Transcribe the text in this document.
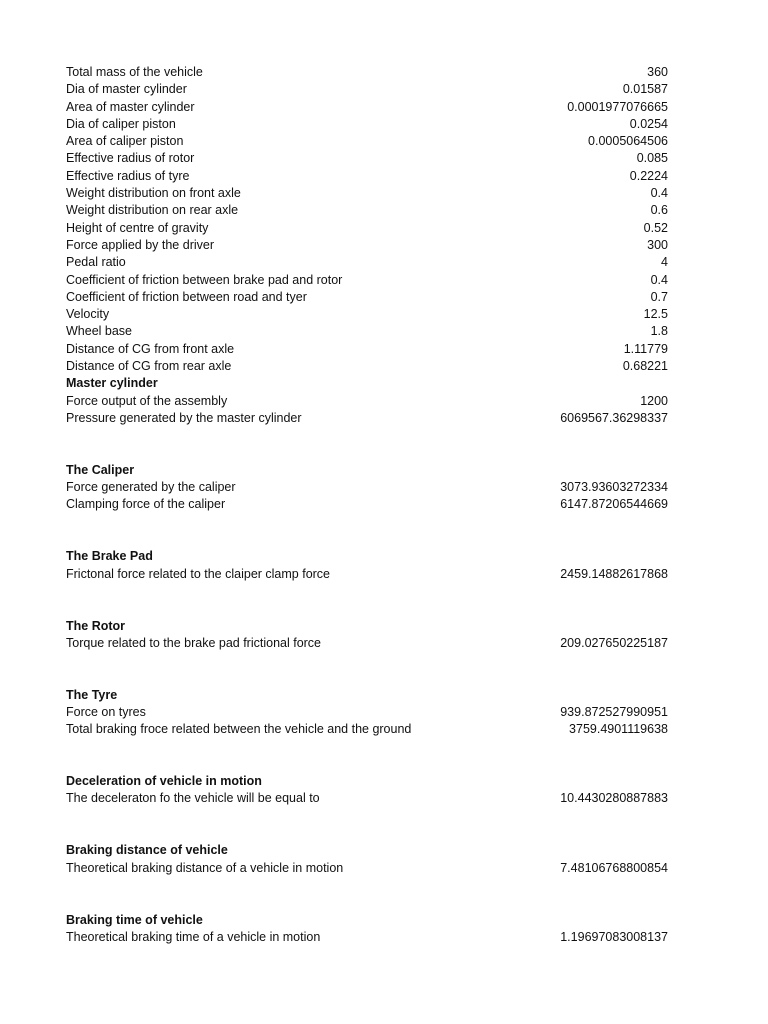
Total mass of the vehicle	360
Dia of master cylinder	0.01587
Area of master cylinder	0.0001977076665
Dia of caliper piston	0.0254
Area of caliper piston	0.0005064506
Effective radius of rotor	0.085
Effective radius of tyre	0.2224
Weight distribution on front axle	0.4
Weight distribution on rear axle	0.6
Height of centre of gravity	0.52
Force applied by the driver	300
Pedal ratio	4
Coefficient of friction between brake pad and rotor	0.4
Coefficient of friction between road and tyer	0.7
Velocity	12.5
Wheel base	1.8
Distance of CG from front axle	1.11779
Distance of CG from rear axle	0.68221
Master cylinder
Force output of the assembly	1200
Pressure generated by the master cylinder	6069567.36298337
The Caliper
Force generated by the caliper	3073.93603272334
Clamping force of the caliper	6147.87206544669
The Brake Pad
Frictonal force related to the claiper clamp force	2459.14882617868
The Rotor
Torque related to the brake pad frictional force	209.027650225187
The Tyre
Force on tyres	939.872527990951
Total braking froce related between the vehicle and the ground	3759.4901119638
Deceleration of vehicle in motion
The deceleraton fo the vehicle will be equal to	10.4430280887883
Braking distance of vehicle
Theoretical braking distance of a vehicle in motion	7.48106768800854
Braking time of vehicle
Theoretical braking time of a vehicle in motion	1.19697083008137
